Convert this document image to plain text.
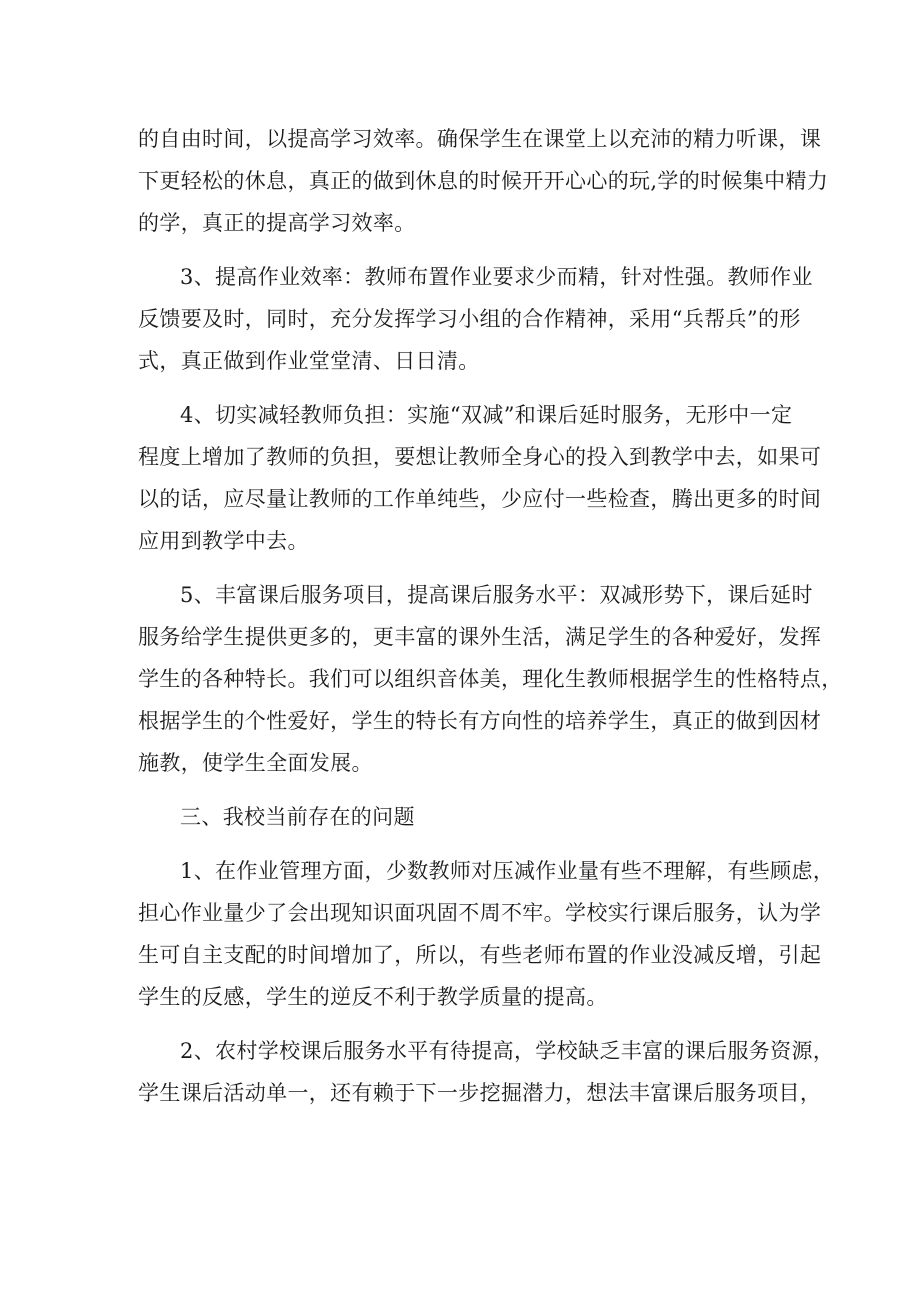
的自由时间，以提高学习效率。确保学生在课堂上以充沛的精力听课，课
下更轻松的休息，真正的做到休息的时候开开心心的玩,学的时候集中精力
的学，真正的提高学习效率。
3、提高作业效率：教师布置作业要求少而精，针对性强。教师作业
反馈要及时，同时，充分发挥学习小组的合作精神，采用“兵帮兵”的形
式，真正做到作业堂堂清、日日清。
4、切实减轻教师负担：实施“双减”和课后延时服务，无形中一定
程度上增加了教师的负担，要想让教师全身心的投入到教学中去，如果可
以的话，应尽量让教师的工作单纯些，少应付一些检查，腾出更多的时间
应用到教学中去。
5、丰富课后服务项目，提高课后服务水平：双减形势下，课后延时
服务给学生提供更多的，更丰富的课外生活，满足学生的各种爱好，发挥
学生的各种特长。我们可以组织音体美，理化生教师根据学生的性格特点，
根据学生的个性爱好，学生的特长有方向性的培养学生，真正的做到因材
施教，使学生全面发展。
三、我校当前存在的问题
1、在作业管理方面，少数教师对压减作业量有些不理解，有些顾虑，
担心作业量少了会出现知识面巩固不周不牢。学校实行课后服务，认为学
生可自主支配的时间增加了，所以，有些老师布置的作业没减反增，引起
学生的反感，学生的逆反不利于教学质量的提高。
2、农村学校课后服务水平有待提高，学校缺乏丰富的课后服务资源，
学生课后活动单一，还有赖于下一步挖掘潜力，想法丰富课后服务项目，
